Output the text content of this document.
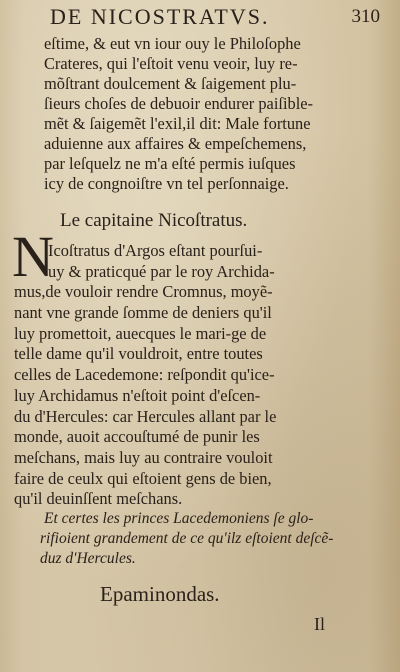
DE NICOSTRATVS.	310
eſtime, & eut vn iour ouy le Philoſophe
Crateres, qui l'eſtoit venu veoir, luy re-
mõſtrant doulcement & ſaigement plu-
ſieurs choſes de debuoir endurer paiſible-
mẽt & ſaigemẽt l'exil,il dit: Male fortune
aduienne aux affaires & empeſchemens,
par leſquelz ne m'a eſté permis iuſques
icy de congnoiſtre vn tel perſonnaige.
Le capitaine Nicoſtratus.
N
Icoſtratus d'Argos eſtant pourſui-
uy & praticqué par le roy Archida-
mus,de vouloir rendre Cromnus, moyẽ-
nant vne grande ſomme de deniers qu'il
luy promettoit, auecques le mari-ge de
telle dame qu'il vouldroit, entre toutes
celles de Lacedemone: reſpondit qu'ice-
luy Archidamus n'eſtoit point d'eſcen-
du d'Hercules: car Hercules allant par le
monde, auoit accouſtumé de punir les
meſchans, mais luy au contraire vouloit
faire de ceulx qui eſtoient gens de bien,
qu'il deuinſſent meſchans.
Et certes les princes Lacedemoniens ſe glo-
rifioient grandement de ce qu'ilz eſtoient deſcẽ-
duz d'Hercules.
Epaminondas.
Il
